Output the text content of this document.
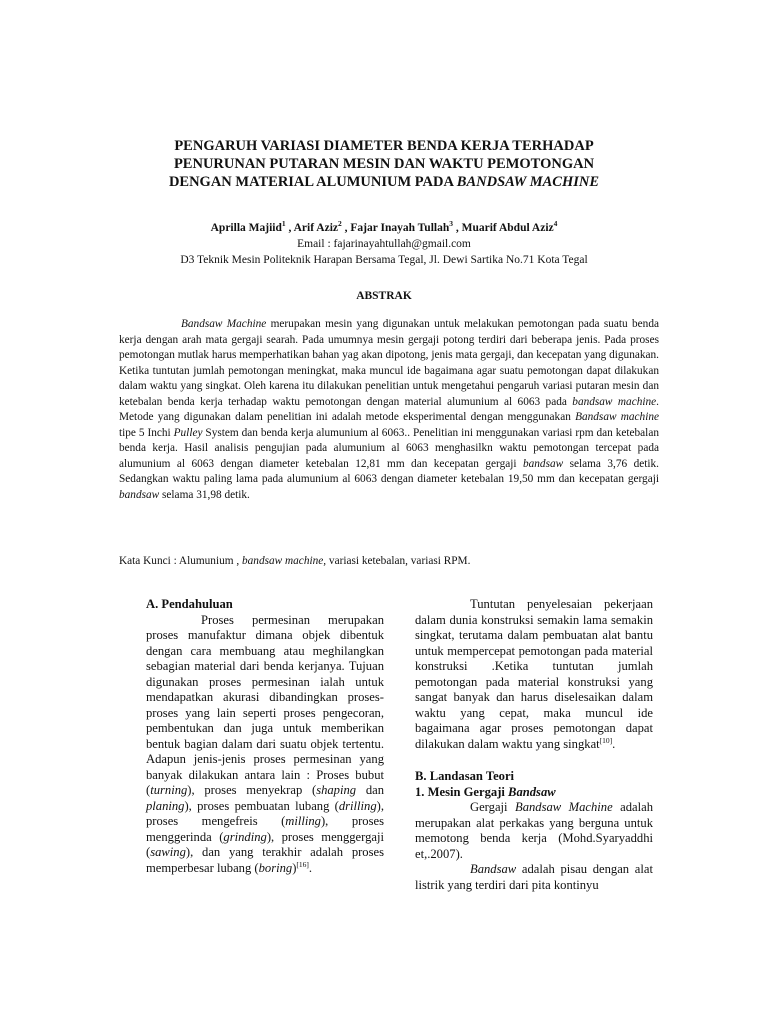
PENGARUH VARIASI DIAMETER BENDA KERJA TERHADAP
PENURUNAN PUTARAN MESIN DAN WAKTU PEMOTONGAN
DENGAN MATERIAL ALUMUNIUM PADA BANDSAW MACHINE
Aprilla Majiid$^1$ , Arif Aziz$^2$ , Fajar Inayah Tullah$^3$ , Muarif Abdul Aziz$^4$
Email : fajarinayahtullah@gmail.com
D3 Teknik Mesin Politeknik Harapan Bersama Tegal, Jl. Dewi Sartika No.71 Kota Tegal
ABSTRAK

Bandsaw Machine merupakan mesin yang digunakan untuk melakukan pemotongan pada suatu benda kerja dengan arah mata gergaji searah. Pada umumnya mesin gergaji potong terdiri dari beberapa jenis. Pada proses pemotongan mutlak harus memperhatikan bahan yag akan dipotong, jenis mata gergaji, dan kecepatan yang digunakan. Ketika tuntutan jumlah pemotongan meningkat, maka muncul ide bagaimana agar suatu pemotongan dapat dilakukan dalam waktu yang singkat. Oleh karena itu dilakukan penelitian untuk mengetahui pengaruh variasi putaran mesin dan ketebalan benda kerja terhadap waktu pemotongan dengan material alumunium al 6063 pada bandsaw machine. Metode yang digunakan dalam penelitian ini adalah metode eksperimental dengan menggunakan Bandsaw machine tipe 5 Inchi Pulley System dan benda kerja alumunium al 6063.. Penelitian ini menggunakan variasi rpm dan ketebalan benda kerja. Hasil analisis pengujian pada alumunium al 6063 menghasilkn waktu pemotongan tercepat pada alumunium al 6063 dengan diameter ketebalan 12,81 mm dan kecepatan gergaji bandsaw selama 3,76 detik. Sedangkan waktu paling lama pada alumunium al 6063 dengan diameter ketebalan 19,50 mm dan kecepatan gergaji bandsaw selama 31,98 detik.

Kata Kunci : Alumunium , bandsaw machine, variasi ketebalan, variasi RPM.
A. Pendahuluan

Proses permesinan merupakan proses manufaktur dimana objek dibentuk dengan cara membuang atau meghilangkan sebagian material dari benda kerjanya. Tujuan digunakan proses permesinan ialah untuk mendapatkan akurasi dibandingkan proses-proses yang lain seperti proses pengecoran, pembentukan dan juga untuk memberikan bentuk bagian dalam dari suatu objek tertentu. Adapun jenis-jenis proses permesinan yang banyak dilakukan antara lain : Proses bubut (turning), proses menyekrap (shaping dan planing), proses pembuatan lubang (drilling), proses mengefreis (milling), proses menggerinda (grinding), proses menggergaji (sawing), dan yang terakhir adalah proses memperbesar lubang (boring)[16].

Tuntutan penyelesaian pekerjaan dalam dunia konstruksi semakin lama semakin singkat, terutama dalam pembuatan alat bantu untuk mempercepat pemotongan pada material konstruksi .Ketika tuntutan jumlah pemotongan pada material konstruksi yang sangat banyak dan harus diselesaikan dalam waktu yang cepat, maka muncul ide bagaimana agar proses pemotongan dapat dilakukan dalam waktu yang singkat[10].

B. Landasan Teori
1. Mesin Gergaji Bandsaw

Gergaji Bandsaw Machine adalah merupakan alat perkakas yang berguna untuk memotong benda kerja (Mohd.Syaryaddhi et,.2007).

Bandsaw adalah pisau dengan alat listrik yang terdiri dari pita kontinyu
